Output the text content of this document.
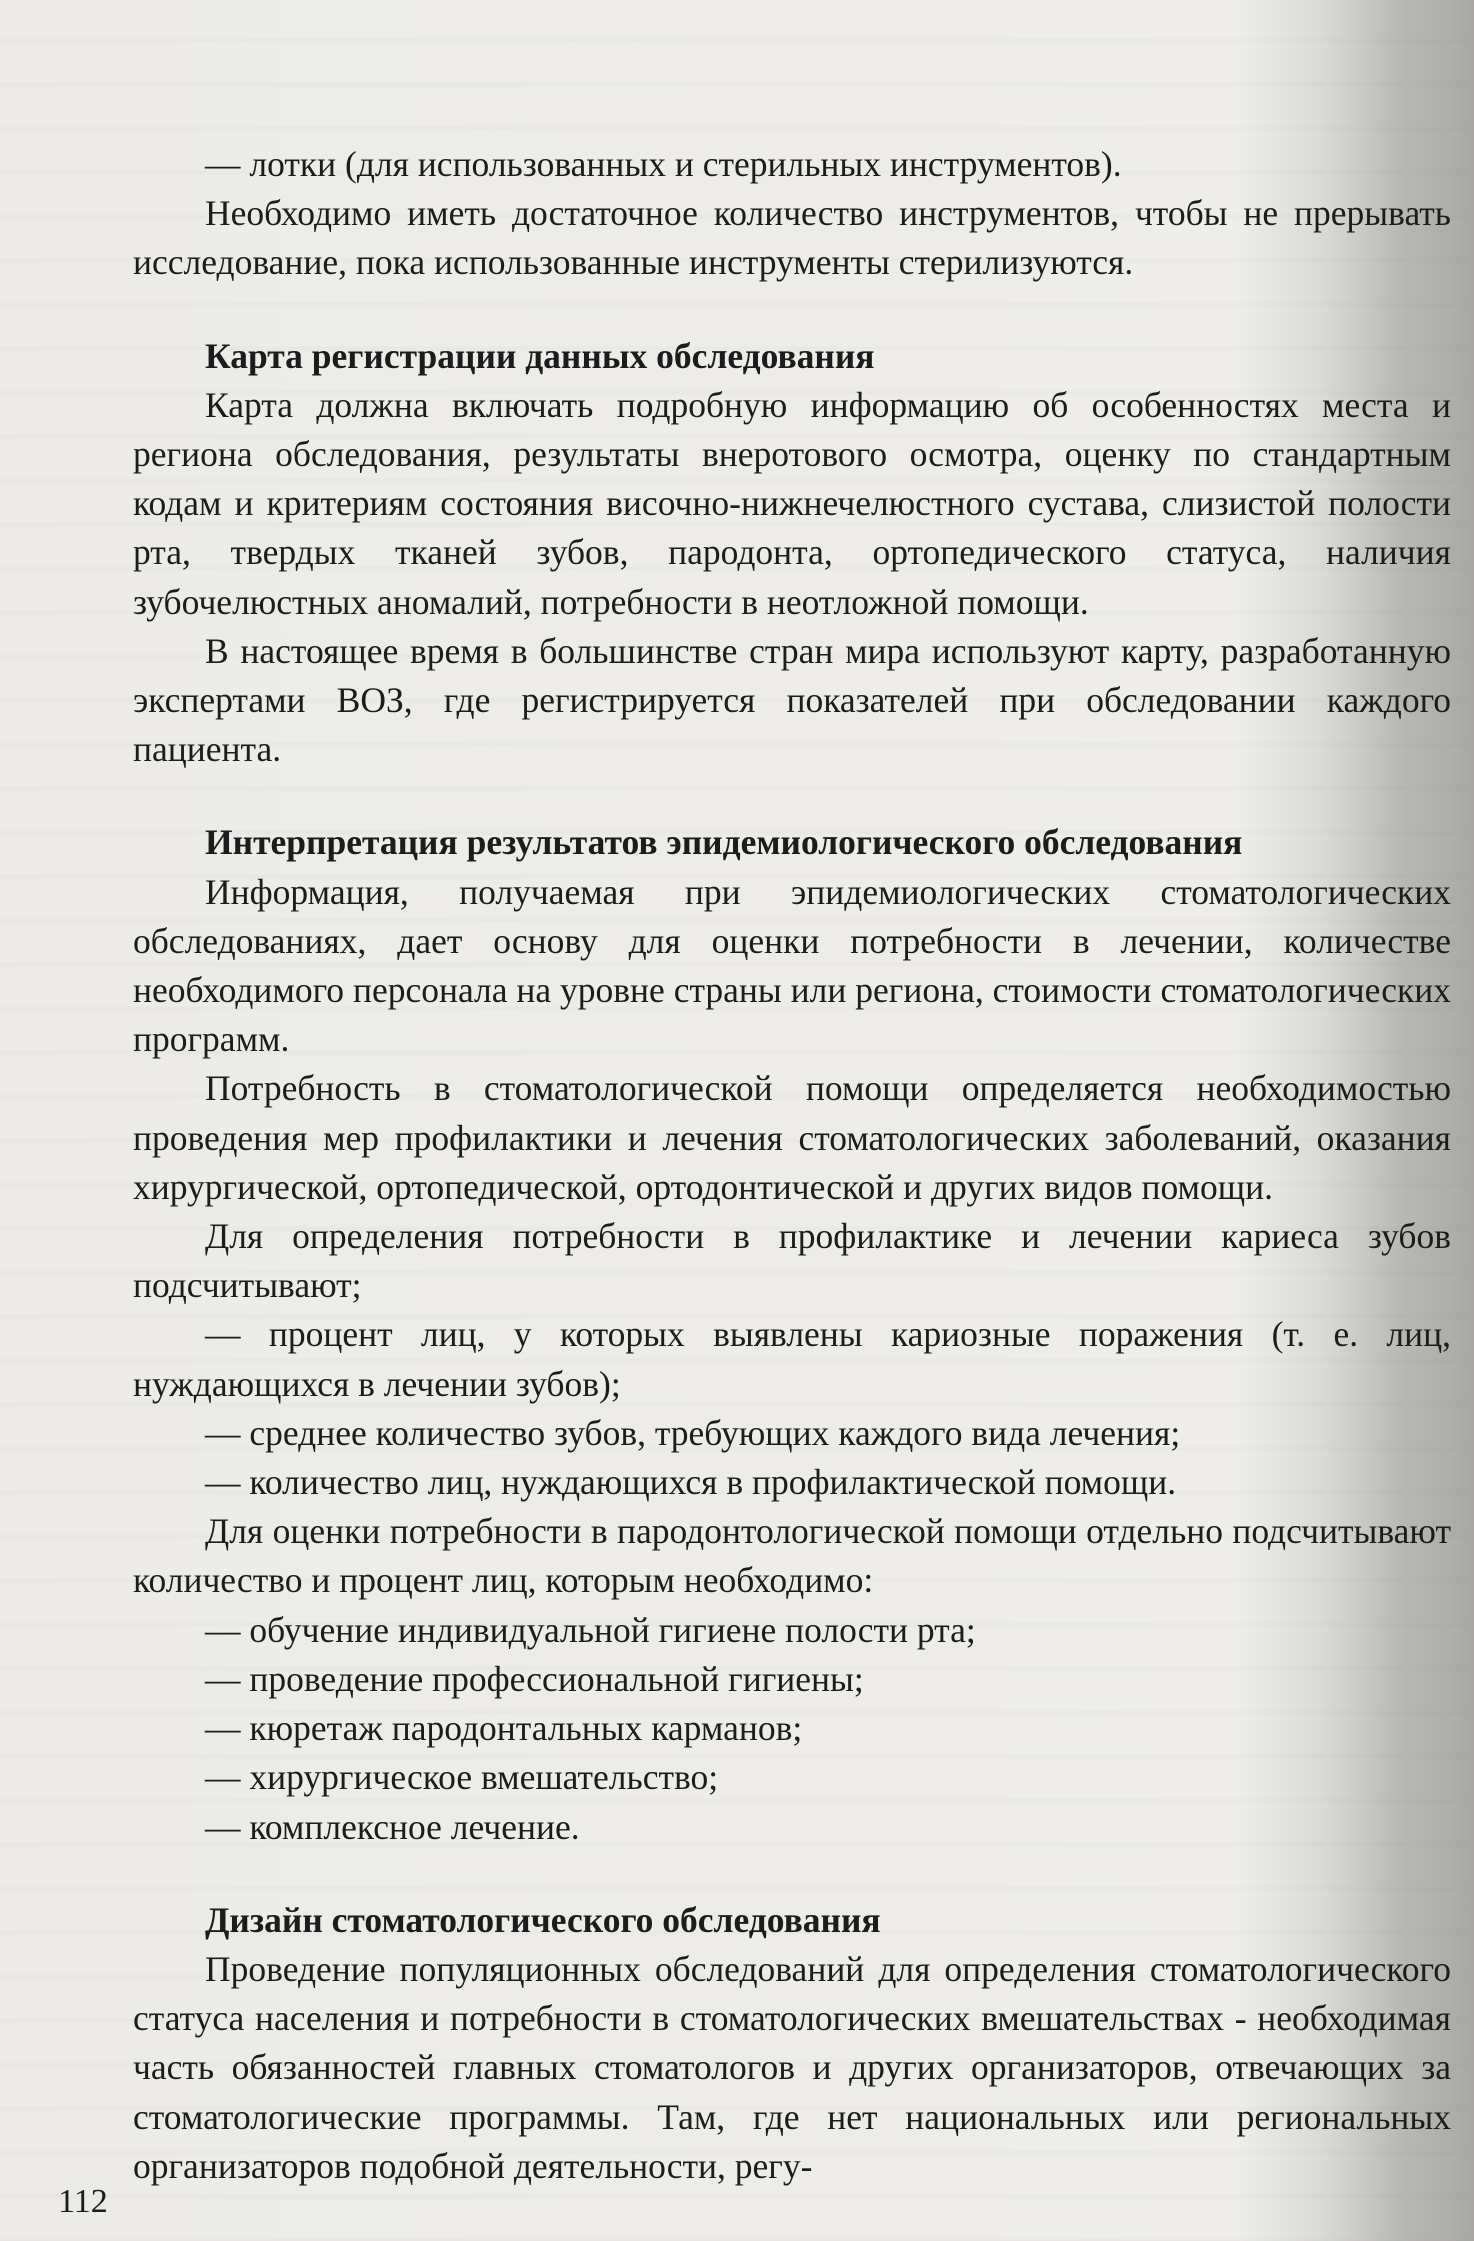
— лотки (для использованных и стерильных инструментов).

Необходимо иметь достаточное количество инструментов, чтобы не прерывать исследование, пока использованные инструменты стерилизуются.

Карта регистрации данных обследования

Карта должна включать подробную информацию об особенностях места и региона обследования, результаты внеротового осмотра, оценку по стандартным кодам и критериям состояния височно-нижнечелюстного сустава, слизистой полости рта, твердых тканей зубов, пародонта, ортопедического статуса, наличия зубочелюстных аномалий, потребности в неотложной помощи.

В настоящее время в большинстве стран мира используют карту, разработанную экспертами ВОЗ, где регистрируется показателей при обследовании каждого пациента.

Интерпретация результатов эпидемиологического обследования

Информация, получаемая при эпидемиологических стоматологических обследованиях, дает основу для оценки потребности в лечении, количестве необходимого персонала на уровне страны или региона, стоимости стоматологических программ.

Потребность в стоматологической помощи определяется необходимостью проведения мер профилактики и лечения стоматологических заболеваний, оказания хирургической, ортопедической, ортодонтической и других видов помощи.

Для определения потребности в профилактике и лечении кариеса зубов подсчитывают;

— процент лиц, у которых выявлены кариозные поражения (т. е. лиц, нуждающихся в лечении зубов);

— среднее количество зубов, требующих каждого вида лечения;

— количество лиц, нуждающихся в профилактической помощи.

Для оценки потребности в пародонтологической помощи отдельно подсчитывают количество и процент лиц, которым необходимо:

— обучение индивидуальной гигиене полости рта;

— проведение профессиональной гигиены;

— кюретаж пародонтальных карманов;

— хирургическое вмешательство;

— комплексное лечение.

Дизайн стоматологического обследования

Проведение популяционных обследований для определения стоматологического статуса населения и потребности в стоматологических вмешательствах - необходимая часть обязанностей главных стоматологов и других организаторов, отвечающих за стоматологические программы. Там, где нет национальных или региональных организаторов подобной деятельности, регу-

112
